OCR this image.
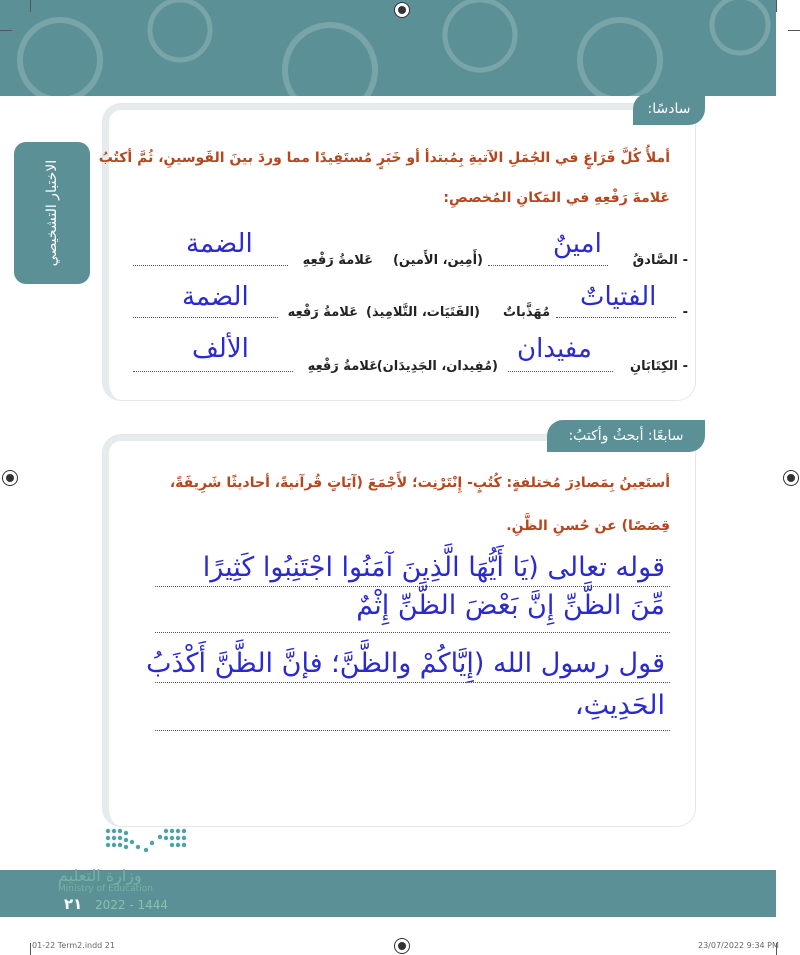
الاختبار التشخيصي
سادسًا:
أملأُ كُلَّ فَرَاغٍ في الجُمَلِ الآتيةِ بِمُبتدأ أو خَبَرٍ مُستَفِيدًا مما وردَ بينَ القَوسينِ، ثُمَّ أكتُبُ
عَلامةَ رَفْعِهِ في المَكانِ المُخصصِ:
-
الصَّادقُ
(أَمِين، الأَمين)
عَلامةُ رَفْعِهِ
امينٌ
الضمة
-
مُهَذَّباتٌ
(الفَتَيَات، التَّلامِيذ)
عَلامةُ رَفْعِه
الفتياتٌ
الضمة
-
الكِتَابَانِ
(مُفِيدان، الجَدِيدَان)
عَلامةُ رَفْعِهِ
مفيدان
الألف
سابعًا: أبحثُ وأكتبُ:
أستَعِينُ بِمَصادِرَ مُختلفةٍ: كُتُبٍ- إِنْتَرْنِت؛ لأَجْمَعَ (آيَاتٍ قُرآنيةً، أحاديثًا شَرِيفَةً،
قِصَصًا) عن حُسنِ الظَّنِ.
قوله تعالى (يَا أَيُّهَا الَّذِينَ آمَنُوا اجْتَنِبُوا كَثِيرًا
مِّنَ الظَّنِّ إِنَّ بَعْضَ الظَّنِّ إِثْمٌ
قول رسول الله (إِيَّاكُمْ والظَّنَّ؛ فإنَّ الظَّنَّ أَكْذَبُ
الحَدِيثِ،
وزارة التعليم
Ministry of Education
٢١ 2022 - 1444
01-22 Term2.indd 21	23/07/2022 9:34 PM
